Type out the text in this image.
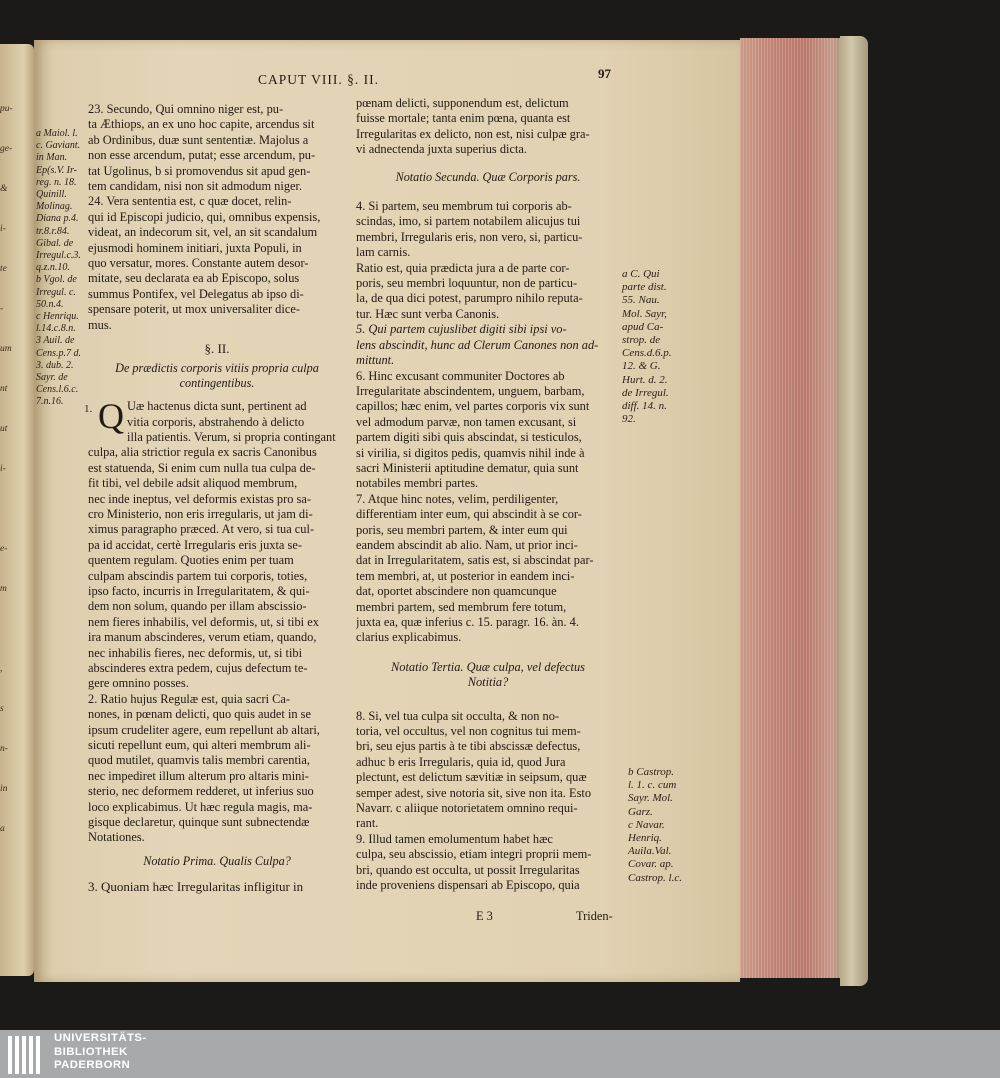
pu-
ge-
&
i-
te
-
um
nt
ut
i-
e-
m
,
s
n-
in
a
CAPUT VIII. §. II.	97
a Maiol. l.
c. Gaviant.
in Man.
Ep(s.V. Ir-
reg. n. 18.
Quinill.
Molinag.
Diana p.4.
tr.8.r.84.
Gibal. de
Irregul.c.3.
q.z.n.10.
b Vgol. de
Irregul. c.
50.n.4.
c Henriqu.
l.14.c.8.n.
3 Auil. de
Cens.p.7 d.
3. dub. 2.
Sayr. de
Cens.l.6.c.
7.n.16.
23. Secundo, Qui omnino niger est, pu-
ta Æthiops, an ex uno hoc capite, arcendus sit
ab Ordinibus, duæ sunt sententiæ. Majolus a
non esse arcendum, putat; esse arcendum, pu-
tat Ugolinus, b si promovendus sit apud gen-
tem candidam, nisi non sit admodum niger.
24. Vera sententia est, c quæ docet, relin-
qui id Episcopi judicio, qui, omnibus expensis,
videat, an indecorum sit, vel, an sit scandalum
ejusmodi hominem initiari, juxta Populi, in
quo versatur, mores. Constante autem desor-
mitate, seu declarata ea ab Episcopo, solus
summus Pontifex, vel Delegatus ab ipso di-
spensare poterit, ut mox universaliter dice-
mus.
§. II.
De prædictis corporis vitiis propria culpa
contingentibus.
1. Q Uæ hactenus dicta sunt, pertinent ad
vitia corporis, abstrahendo à delicto
illa patientis. Verum, si propria contingant
culpa, alia strictior regula ex sacris Canonibus
est statuenda, Si enim cum nulla tua culpa de-
fit tibi, vel debile adsit aliquod membrum,
nec inde ineptus, vel deformis existas pro sa-
cro Ministerio, non eris irregularis, ut jam di-
ximus paragrapho præced. At vero, si tua cul-
pa id accidat, certè Irregularis eris juxta se-
quentem regulam. Quoties enim per tuam
culpam abscindis partem tui corporis, toties,
ipso facto, incurris in Irregularitatem, & qui-
dem non solum, quando per illam abscissio-
nem fieres inhabilis, vel deformis, ut, si tibi ex
ira manum abscinderes, verum etiam, quando,
nec inhabilis fieres, nec deformis, ut, si tibi
abscinderes extra pedem, cujus defectum te-
gere omnino posses.
2. Ratio hujus Regulæ est, quia sacri Ca-
nones, in pœnam delicti, quo quis audet in se
ipsum crudeliter agere, eum repellunt ab altari,
sicuti repellunt eum, qui alteri membrum ali-
quod mutilet, quamvis talis membri carentia,
nec impediret illum alterum pro altaris mini-
sterio, nec deformem redderet, ut inferius suo
loco explicabimus. Ut hæc regula magis, ma-
gisque declaretur, quinque sunt subnectendæ
Notationes.
Notatio Prima. Qualis Culpa?
3. Quoniam hæc Irregularitas infligitur in
pœnam delicti, supponendum est, delictum
fuisse mortale; tanta enim pœna, quanta est
Irregularitas ex delicto, non est, nisi culpæ gra-
vi adnectenda juxta superius dicta.
Notatio Secunda. Quæ Corporis pars.
4. Si partem, seu membrum tui corporis ab-
scindas, imo, si partem notabilem alicujus tui
membri, Irregularis eris, non vero, si, particu-
lam carnis.
Ratio est, quia prædicta jura a de parte cor-
poris, seu membri loquuntur, non de particu-
la, de qua dici potest, parumpro nihilo reputa-
tur. Hæc sunt verba Canonis.
5. Qui partem cujuslibet digiti sibi ipsi vo-
lens abscindit, hunc ad Clerum Canones non ad-
mittunt.
6. Hinc excusant communiter Doctores ab
Irregularitate abscindentem, unguem, barbam,
capillos; hæc enim, vel partes corporis vix sunt
vel admodum parvæ, non tamen excusant, si
partem digiti sibi quis abscindat, si testiculos,
si virilia, si digitos pedis, quamvis nihil inde à
sacri Ministerii aptitudine dematur, quia sunt
notabiles membri partes.
7. Atque hinc notes, velim, perdiligenter,
differentiam inter eum, qui abscindit à se cor-
poris, seu membri partem, & inter eum qui
eandem abscindit ab alio. Nam, ut prior inci-
dat in Irregularitatem, satis est, si abscindat par-
tem membri, at, ut posterior in eandem inci-
dat, oportet abscindere non quamcunque
membri partem, sed membrum fere totum,
juxta ea, quæ inferius c. 15. paragr. 16. àn. 4.
clarius explicabimus.
Notatio Tertia. Quæ culpa, vel defectus
Notitia?
8. Si, vel tua culpa sit occulta, & non no-
toria, vel occultus, vel non cognitus tui mem-
bri, seu ejus partis à te tibi abscissæ defectus,
adhuc b eris Irregularis, quia id, quod Jura
plectunt, est delictum sævitiæ in seipsum, quæ
semper adest, sive notoria sit, sive non ita. Esto
Navarr. c aliique notorietatem omnino requi-
rant.
9. Illud tamen emolumentum habet hæc
culpa, seu abscissio, etiam integri proprii mem-
bri, quando est occulta, ut possit Irregularitas
inde proveniens dispensari ab Episcopo, quia
a C. Qui
parte dist.
55. Nau.
Mol. Sayr,
apud Ca-
strop. de
Cens.d.6.p.
12. & G.
Hurt. d. 2.
de Irregul.
diff. 14. n.
92.
b Castrop.
l. 1. c. cum
Sayr. Mol.
Garz.
c Navar.
Henriq.
Auila.Val.
Covar. ap.
Castrop. l.c.
E 3	Triden-
UNIVERSITÄTS-
BIBLIOTHEK
PADERBORN
